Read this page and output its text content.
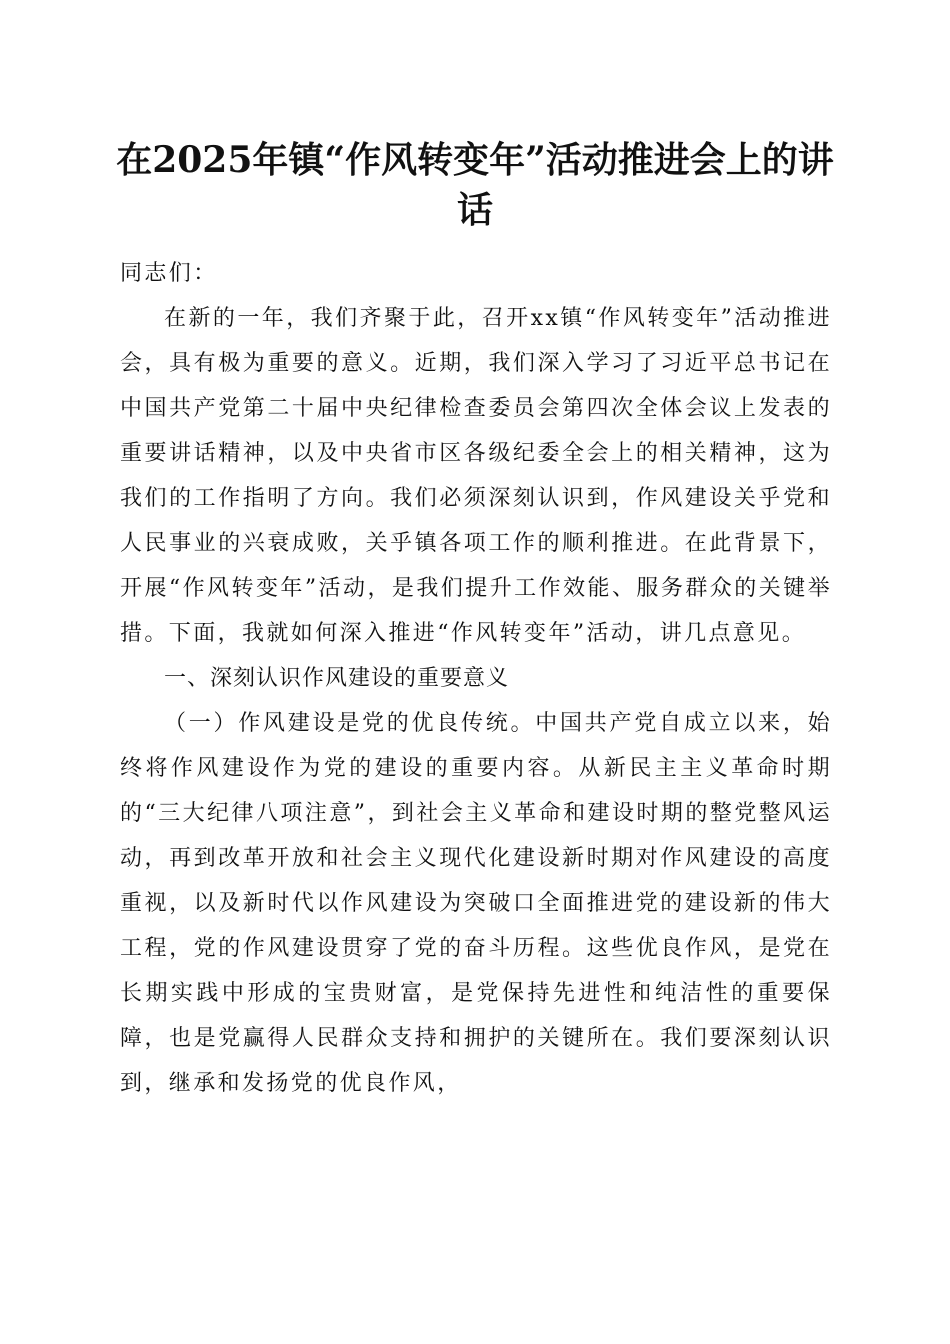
在2025年镇“作风转变年”活动推进会上的讲话

同志们：

在新的一年，我们齐聚于此，召开xx镇“作风转变年”活动推进会，具有极为重要的意义。近期，我们深入学习了习近平总书记在中国共产党第二十届中央纪律检查委员会第四次全体会议上发表的重要讲话精神，以及中央省市区各级纪委全会上的相关精神，这为我们的工作指明了方向。我们必须深刻认识到，作风建设关乎党和人民事业的兴衰成败，关乎镇各项工作的顺利推进。在此背景下，开展“作风转变年”活动，是我们提升工作效能、服务群众的关键举措。下面，我就如何深入推进“作风转变年”活动，讲几点意见。

一、深刻认识作风建设的重要意义

（一）作风建设是党的优良传统。中国共产党自成立以来，始终将作风建设作为党的建设的重要内容。从新民主主义革命时期的“三大纪律八项注意”，到社会主义革命和建设时期的整党整风运动，再到改革开放和社会主义现代化建设新时期对作风建设的高度重视，以及新时代以作风建设为突破口全面推进党的建设新的伟大工程，党的作风建设贯穿了党的奋斗历程。这些优良作风，是党在长期实践中形成的宝贵财富，是党保持先进性和纯洁性的重要保障，也是党赢得人民群众支持和拥护的关键所在。我们要深刻认识到，继承和发扬党的优良作风，
